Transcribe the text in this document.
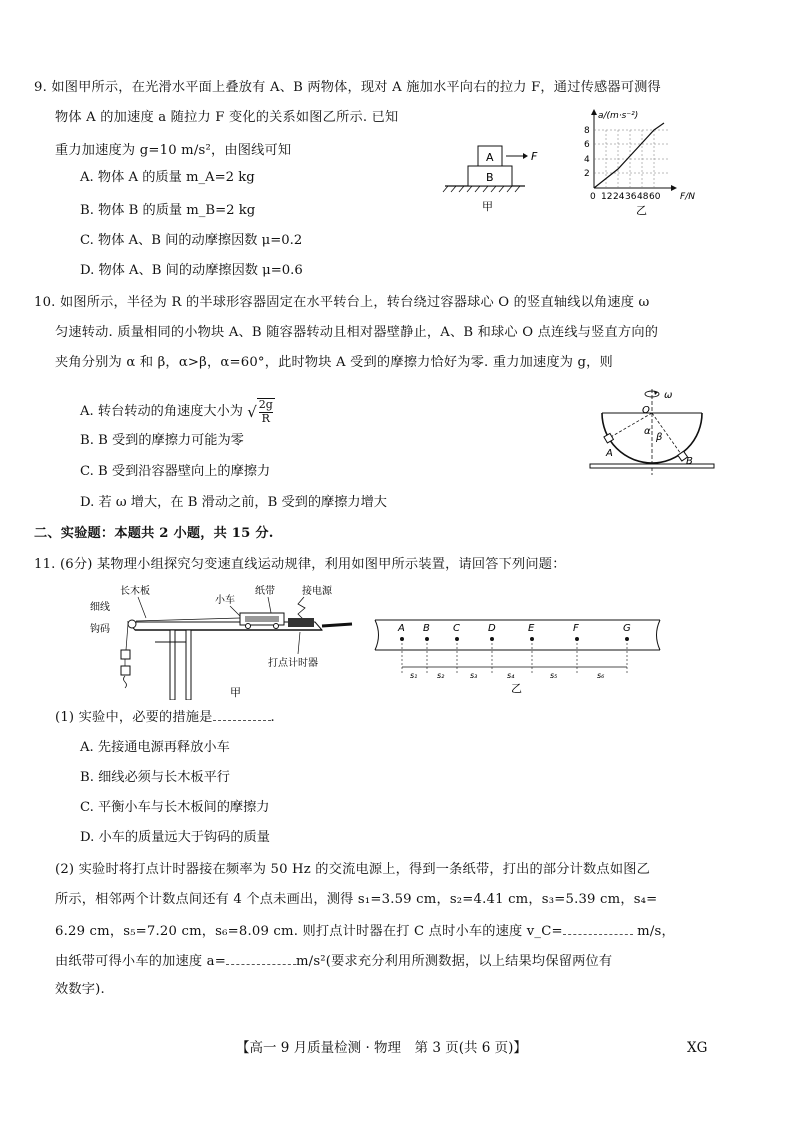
9. 如图甲所示，在光滑水平面上叠放有 A、B 两物体，现对 A 施加水平向右的拉力 F，通过传感器可测得
物体 A 的加速度 a 随拉力 F 变化的关系如图乙所示. 已知
重力加速度为 g=10 m/s²，由图线可知
A. 物体 A 的质量 m_A=2 kg
B. 物体 B 的质量 m_B=2 kg
C. 物体 A、B 间的动摩擦因数 μ=0.2
D. 物体 A、B 间的动摩擦因数 μ=0.6
A
B
F
甲
a/(m·s⁻²)
8
6
4
2
0 12 24 36 48 60 F/N
乙
10. 如图所示，半径为 R 的半球形容器固定在水平转台上，转台绕过容器球心 O 的竖直轴线以角速度 ω
匀速转动. 质量相同的小物块 A、B 随容器转动且相对器壁静止，A、B 和球心 O 点连线与竖直方向的
夹角分别为 α 和 β，α>β，α=60°，此时物块 A 受到的摩擦力恰好为零. 重力加速度为 g，则
A. 转台转动的角速度大小为 √ $\frac{2g}{R}$
B. B 受到的摩擦力可能为零
C. B 受到沿容器壁向上的摩擦力
D. 若 ω 增大，在 B 滑动之前，B 受到的摩擦力增大
ω
O
α
β
A
B
二、实验题：本题共 2 小题，共 15 分.
11. (6分) 某物理小组探究匀变速直线运动规律，利用如图甲所示装置，请回答下列问题：
长木板
小车
纸带	接电源
细线
钩码
打点计时器
甲
A B C	D	E	F	G
s₁ s₂	s₃	s₄	s₅	s₆
乙
(1) 实验中，必要的措施是	.
A. 先接通电源再释放小车
B. 细线必须与长木板平行
C. 平衡小车与长木板间的摩擦力
D. 小车的质量远大于钩码的质量
(2) 实验时将打点计时器接在频率为 50 Hz 的交流电源上，得到一条纸带，打出的部分计数点如图乙
所示，相邻两个计数点间还有 4 个点未画出，测得 s₁=3.59 cm，s₂=4.41 cm，s₃=5.39 cm，s₄=
6.29 cm，s₅=7.20 cm，s₆=8.09 cm. 则打点计时器在打 C 点时小车的速度 v_C=	m/s，
由纸带可得小车的加速度 a=	m/s²(要求充分利用所测数据，以上结果均保留两位有
效数字).
【高一 9 月质量检测 · 物理　第 3 页(共 6 页)】	XG
